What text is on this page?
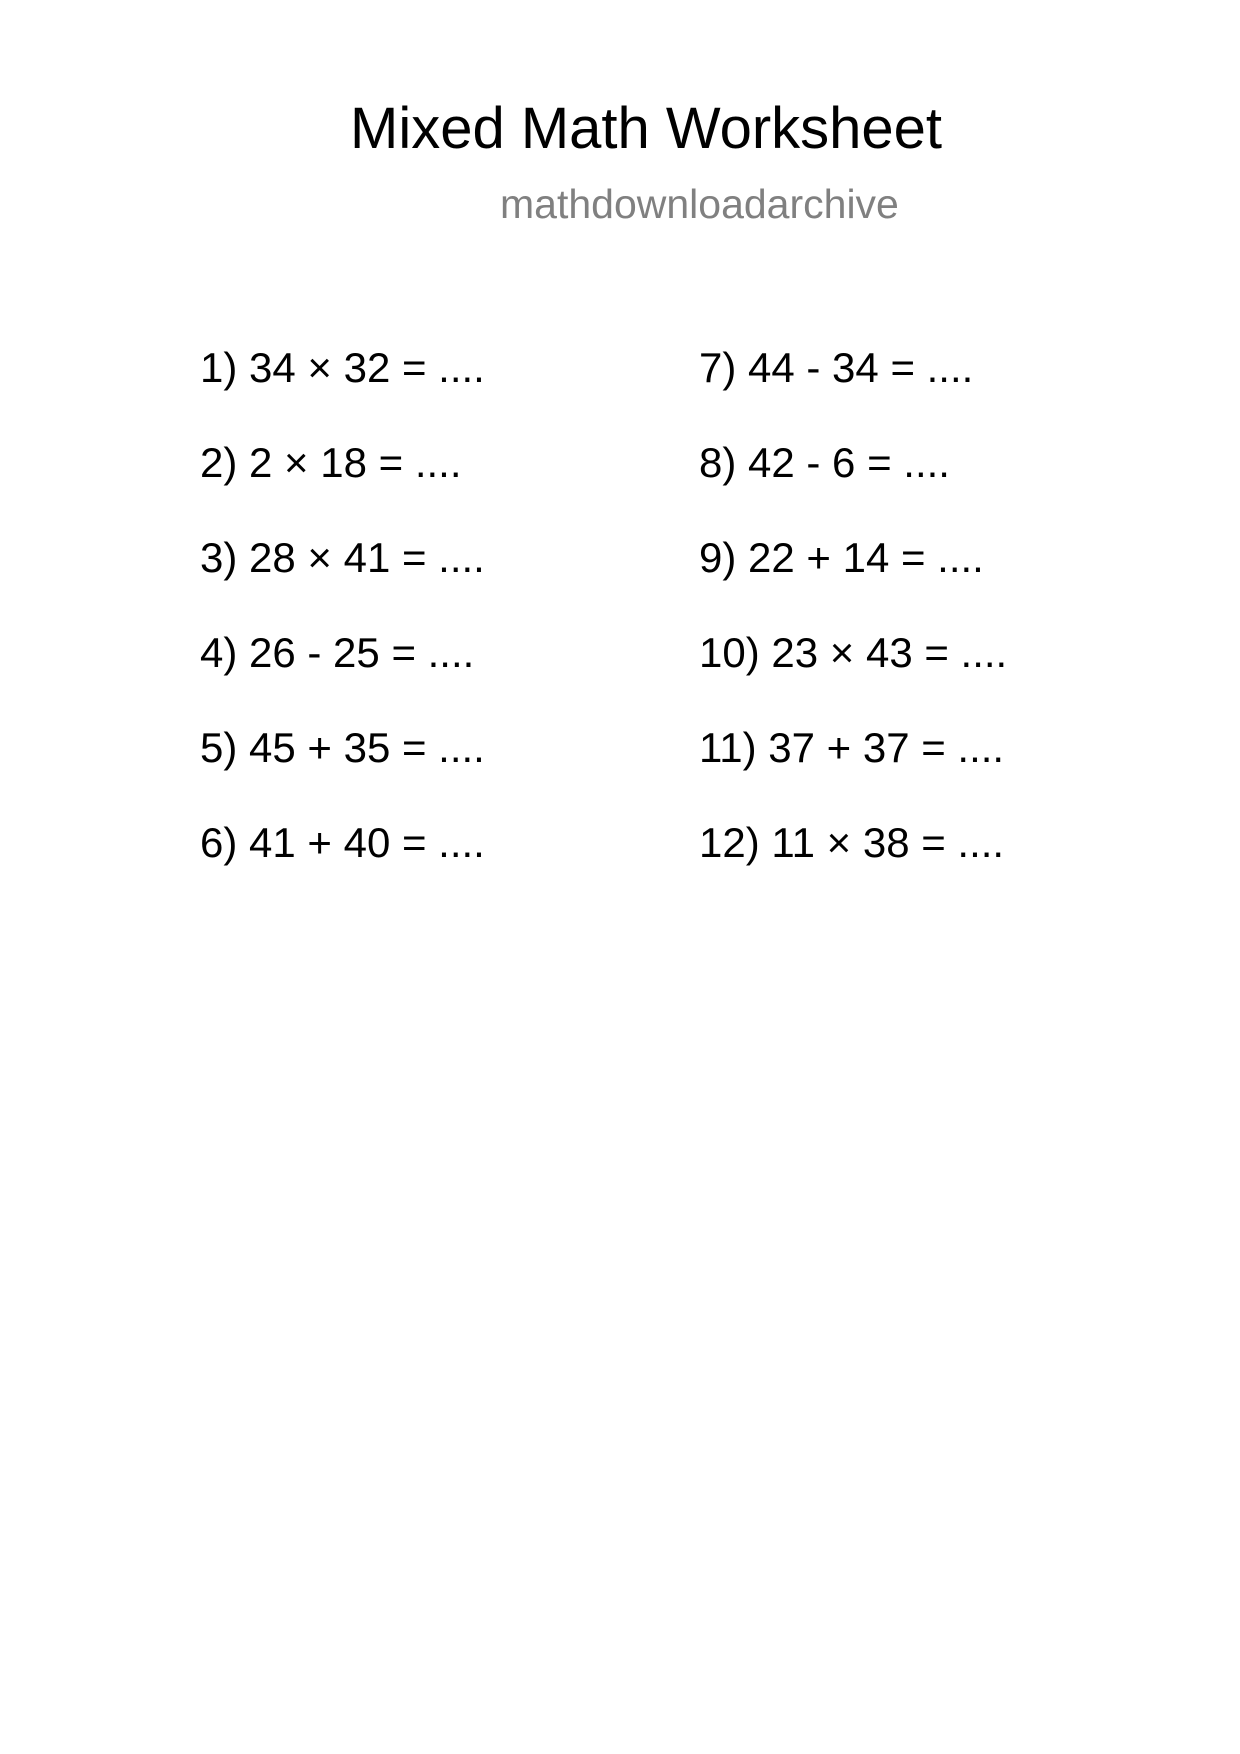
Mixed Math Worksheet
mathdownloadarchive
1) 34 × 32 = ....
2) 2 × 18 = ....
3) 28 × 41 = ....
4) 26 - 25 = ....
5) 45 + 35 = ....
6) 41 + 40 = ....
7) 44 - 34 = ....
8) 42 - 6 = ....
9) 22 + 14 = ....
10) 23 × 43 = ....
11) 37 + 37 = ....
12) 11 × 38 = ....
